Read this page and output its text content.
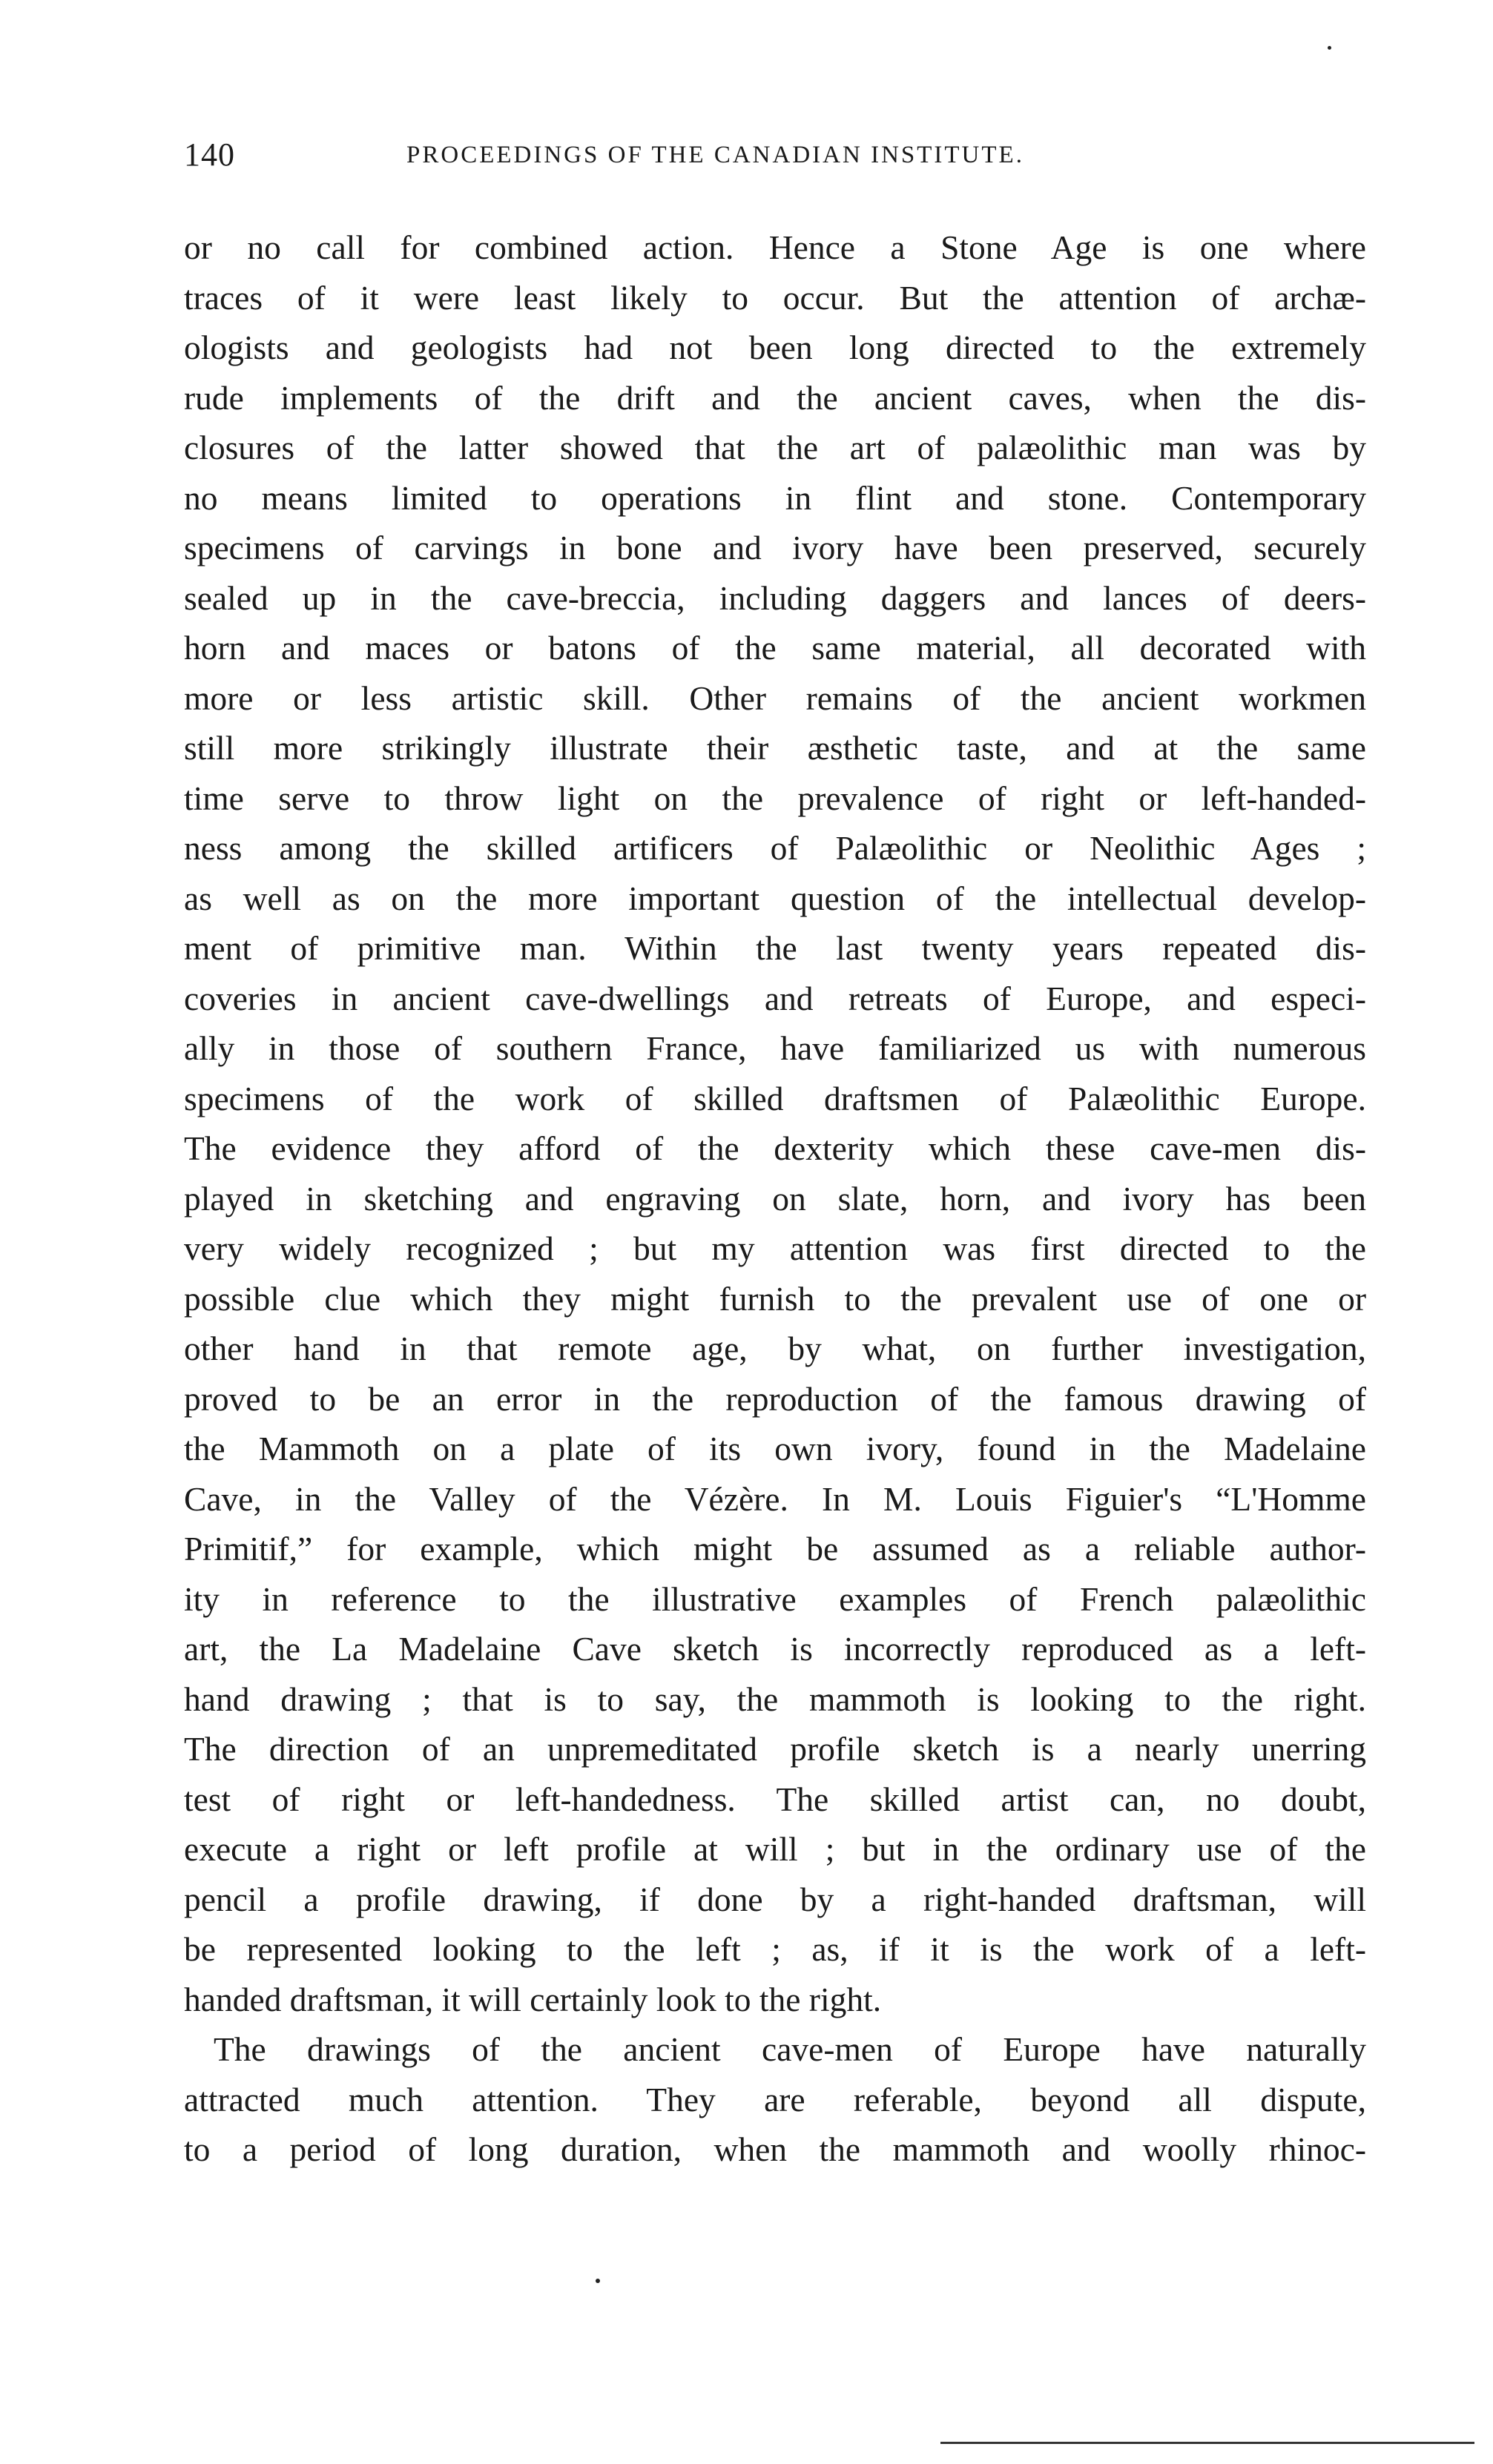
140	PROCEEDINGS OF THE CANADIAN INSTITUTE.
or no call for combined action. Hence a Stone Age is one where
traces of it were least likely to occur. But the attention of archæ-
ologists and geologists had not been long directed to the extremely
rude implements of the drift and the ancient caves, when the dis-
closures of the latter showed that the art of palæolithic man was by
no means limited to operations in flint and stone. Contemporary
specimens of carvings in bone and ivory have been preserved, securely
sealed up in the cave-breccia, including daggers and lances of deers-
horn and maces or batons of the same material, all decorated with
more or less artistic skill. Other remains of the ancient workmen
still more strikingly illustrate their æsthetic taste, and at the same
time serve to throw light on the prevalence of right or left-handed-
ness among the skilled artificers of Palæolithic or Neolithic Ages ;
as well as on the more important question of the intellectual develop-
ment of primitive man. Within the last twenty years repeated dis-
coveries in ancient cave-dwellings and retreats of Europe, and especi-
ally in those of southern France, have familiarized us with numerous
specimens of the work of skilled draftsmen of Palæolithic Europe.
The evidence they afford of the dexterity which these cave-men dis-
played in sketching and engraving on slate, horn, and ivory has been
very widely recognized ; but my attention was first directed to the
possible clue which they might furnish to the prevalent use of one or
other hand in that remote age, by what, on further investigation,
proved to be an error in the reproduction of the famous drawing of
the Mammoth on a plate of its own ivory, found in the Madelaine
Cave, in the Valley of the Vézère. In M. Louis Figuier's “L'Homme
Primitif,” for example, which might be assumed as a reliable author-
ity in reference to the illustrative examples of French palæolithic
art, the La Madelaine Cave sketch is incorrectly reproduced as a left-
hand drawing ; that is to say, the mammoth is looking to the right.
The direction of an unpremeditated profile sketch is a nearly unerring
test of right or left-handedness. The skilled artist can, no doubt,
execute a right or left profile at will ; but in the ordinary use of the
pencil a profile drawing, if done by a right-handed draftsman, will
be represented looking to the left ; as, if it is the work of a left-
handed draftsman, it will certainly look to the right.
The drawings of the ancient cave-men of Europe have naturally
attracted much attention. They are referable, beyond all dispute,
to a period of long duration, when the mammoth and woolly rhinoc-
